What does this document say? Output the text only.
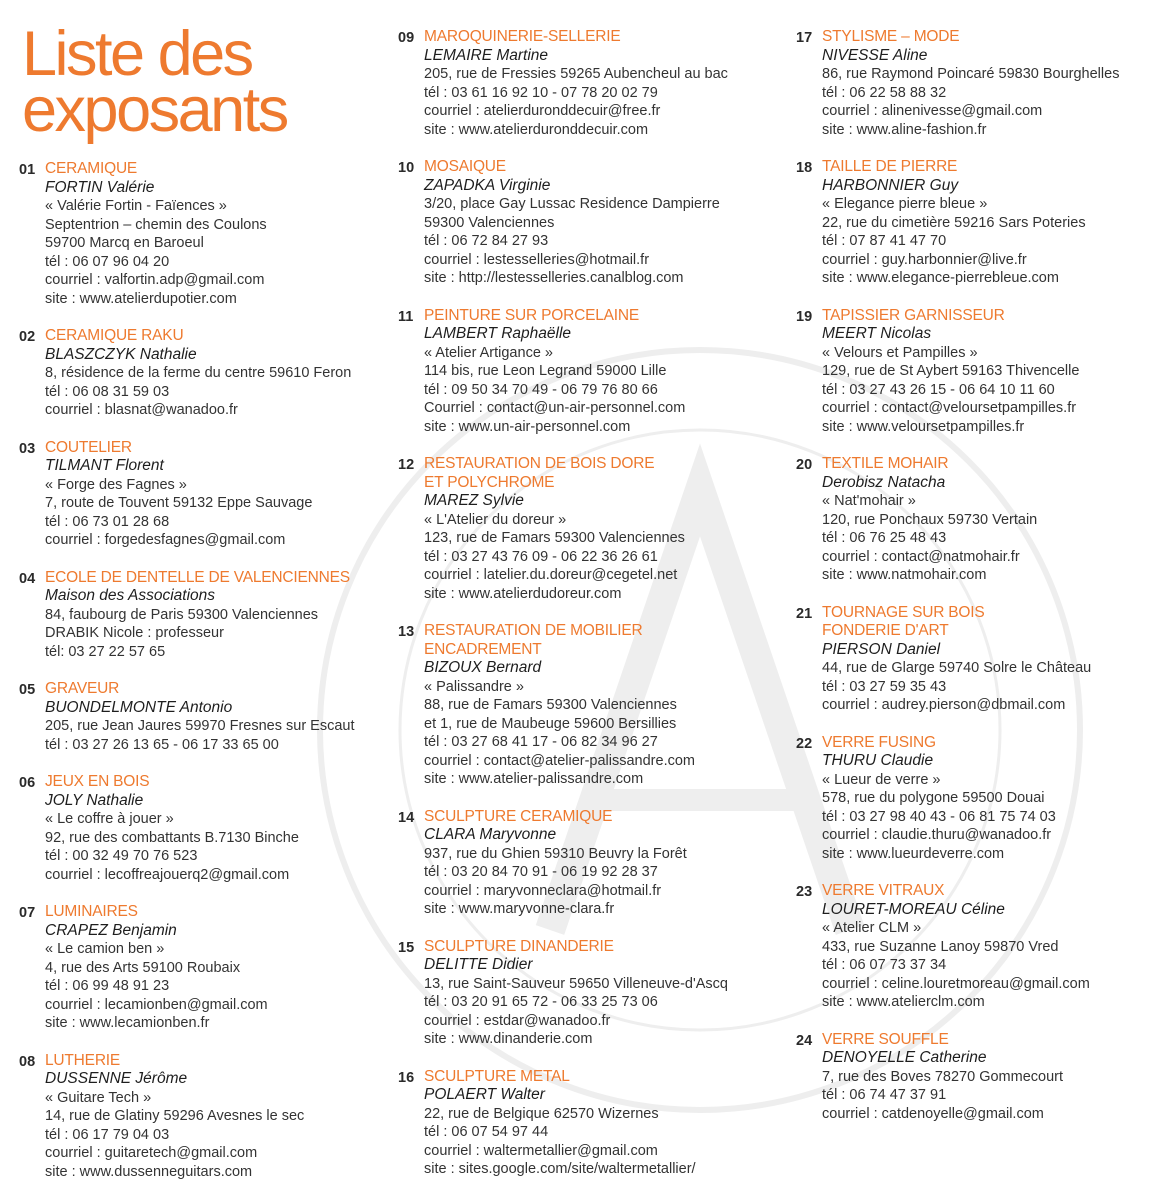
Liste des
exposants
01 CERAMIQUE
FORTIN Valérie
« Valérie Fortin - Faïences »
Septentrion – chemin des Coulons
59700 Marcq en Baroeul
tél : 06 07 96 04 20
courriel : valfortin.adp@gmail.com
site : www.atelierdupotier.com
02 CERAMIQUE RAKU
BLASZCZYK Nathalie
8, résidence de la ferme du centre 59610 Feron
tél : 06 08 31 59 03
courriel : blasnat@wanadoo.fr
03 COUTELIER
TILMANT Florent
« Forge des Fagnes »
7, route de Touvent 59132 Eppe Sauvage
tél : 06 73 01 28 68
courriel : forgedesfagnes@gmail.com
04 ECOLE DE DENTELLE DE VALENCIENNES
Maison des Associations
84, faubourg de Paris 59300 Valenciennes
DRABIK Nicole : professeur
tél: 03 27 22 57 65
05 GRAVEUR
BUONDELMONTE Antonio
205, rue Jean Jaures 59970 Fresnes sur Escaut
tél : 03 27 26 13 65 - 06 17 33 65 00
06 JEUX EN BOIS
JOLY Nathalie
« Le coffre à jouer »
92, rue des combattants B.7130 Binche
tél : 00 32 49 70 76 523
courriel : lecoffreajouerq2@gmail.com
07 LUMINAIRES
CRAPEZ Benjamin
« Le camion ben »
4, rue des Arts 59100 Roubaix
tél : 06 99 48 91 23
courriel : lecamionben@gmail.com
site : www.lecamionben.fr
08 LUTHERIE
DUSSENNE Jérôme
« Guitare Tech »
14, rue de Glatiny 59296 Avesnes le sec
tél : 06 17 79 04 03
courriel : guitaretech@gmail.com
site : www.dussenneguitars.com
09 MAROQUINERIE-SELLERIE
LEMAIRE Martine
205, rue de Fressies 59265 Aubencheul au bac
tél : 03 61 16 92 10 - 07 78 20 02 79
courriel : atelierduronddecuir@free.fr
site : www.atelierduronddecuir.com
10 MOSAIQUE
ZAPADKA Virginie
3/20, place Gay Lussac Residence Dampierre
59300 Valenciennes
tél : 06 72 84 27 93
courriel : lestesselleries@hotmail.fr
site : http://lestesselleries.canalblog.com
11 PEINTURE SUR PORCELAINE
LAMBERT Raphaëlle
« Atelier Artigance »
114 bis, rue Leon Legrand 59000 Lille
tél : 09 50 34 70 49 - 06 79 76 80 66
Courriel : contact@un-air-personnel.com
site : www.un-air-personnel.com
12 RESTAURATION DE BOIS DORE
ET POLYCHROME
MAREZ Sylvie
« L'Atelier du doreur »
123, rue de Famars 59300 Valenciennes
tél : 03 27 43 76 09 - 06 22 36 26 61
courriel : latelier.du.doreur@cegetel.net
site : www.atelierdudoreur.com
13 RESTAURATION DE MOBILIER
ENCADREMENT
BIZOUX Bernard
« Palissandre »
88, rue de Famars 59300 Valenciennes
et 1, rue de Maubeuge 59600 Bersillies
tél : 03 27 68 41 17 - 06 82 34 96 27
courriel : contact@atelier-palissandre.com
site : www.atelier-palissandre.com
14 SCULPTURE CERAMIQUE
CLARA Maryvonne
937, rue du Ghien 59310 Beuvry la Forêt
tél : 03 20 84 70 91 - 06 19 92 28 37
courriel : maryvonneclara@hotmail.fr
site : www.maryvonne-clara.fr
15 SCULPTURE DINANDERIE
DELITTE Didier
13, rue Saint-Sauveur 59650 Villeneuve-d'Ascq
tél : 03 20 91 65 72 - 06 33 25 73 06
courriel : estdar@wanadoo.fr
site : www.dinanderie.com
16 SCULPTURE METAL
POLAERT Walter
22, rue de Belgique 62570 Wizernes
tél : 06 07 54 97 44
courriel : waltermetallier@gmail.com
site : sites.google.com/site/waltermetallier/
17 STYLISME – MODE
NIVESSE Aline
86, rue Raymond Poincaré 59830 Bourghelles
tél : 06 22 58 88 32
courriel : alinenivesse@gmail.com
site : www.aline-fashion.fr
18 TAILLE DE PIERRE
HARBONNIER Guy
« Elegance pierre bleue »
22, rue du cimetière 59216 Sars Poteries
tél : 07 87 41 47 70
courriel : guy.harbonnier@live.fr
site : www.elegance-pierrebleue.com
19 TAPISSIER GARNISSEUR
MEERT Nicolas
« Velours et Pampilles »
129, rue de St Aybert 59163 Thivencelle
tél : 03 27 43 26 15 - 06 64 10 11 60
courriel : contact@veloursetpampilles.fr
site : www.veloursetpampilles.fr
20 TEXTILE MOHAIR
Derobisz Natacha
« Nat'mohair »
120, rue Ponchaux 59730 Vertain
tél : 06 76 25 48 43
courriel : contact@natmohair.fr
site : www.natmohair.com
21 TOURNAGE SUR BOIS
FONDERIE D'ART
PIERSON Daniel
44, rue de Glarge 59740 Solre le Château
tél : 03 27 59 35 43
courriel : audrey.pierson@dbmail.com
22 VERRE FUSING
THURU Claudie
« Lueur de verre »
578, rue du polygone 59500 Douai
tél : 03 27 98 40 43 - 06 81 75 74 03
courriel : claudie.thuru@wanadoo.fr
site : www.lueurdeverre.com
23 VERRE VITRAUX
LOURET-MOREAU Céline
« Atelier CLM »
433, rue Suzanne Lanoy 59870 Vred
tél : 06 07 73 37 34
courriel : celine.louretmoreau@gmail.com
site : www.atelierclm.com
24 VERRE SOUFFLE
DENOYELLE Catherine
7, rue des Boves 78270 Gommecourt
tél : 06 74 47 37 91
courriel : catdenoyelle@gmail.com
